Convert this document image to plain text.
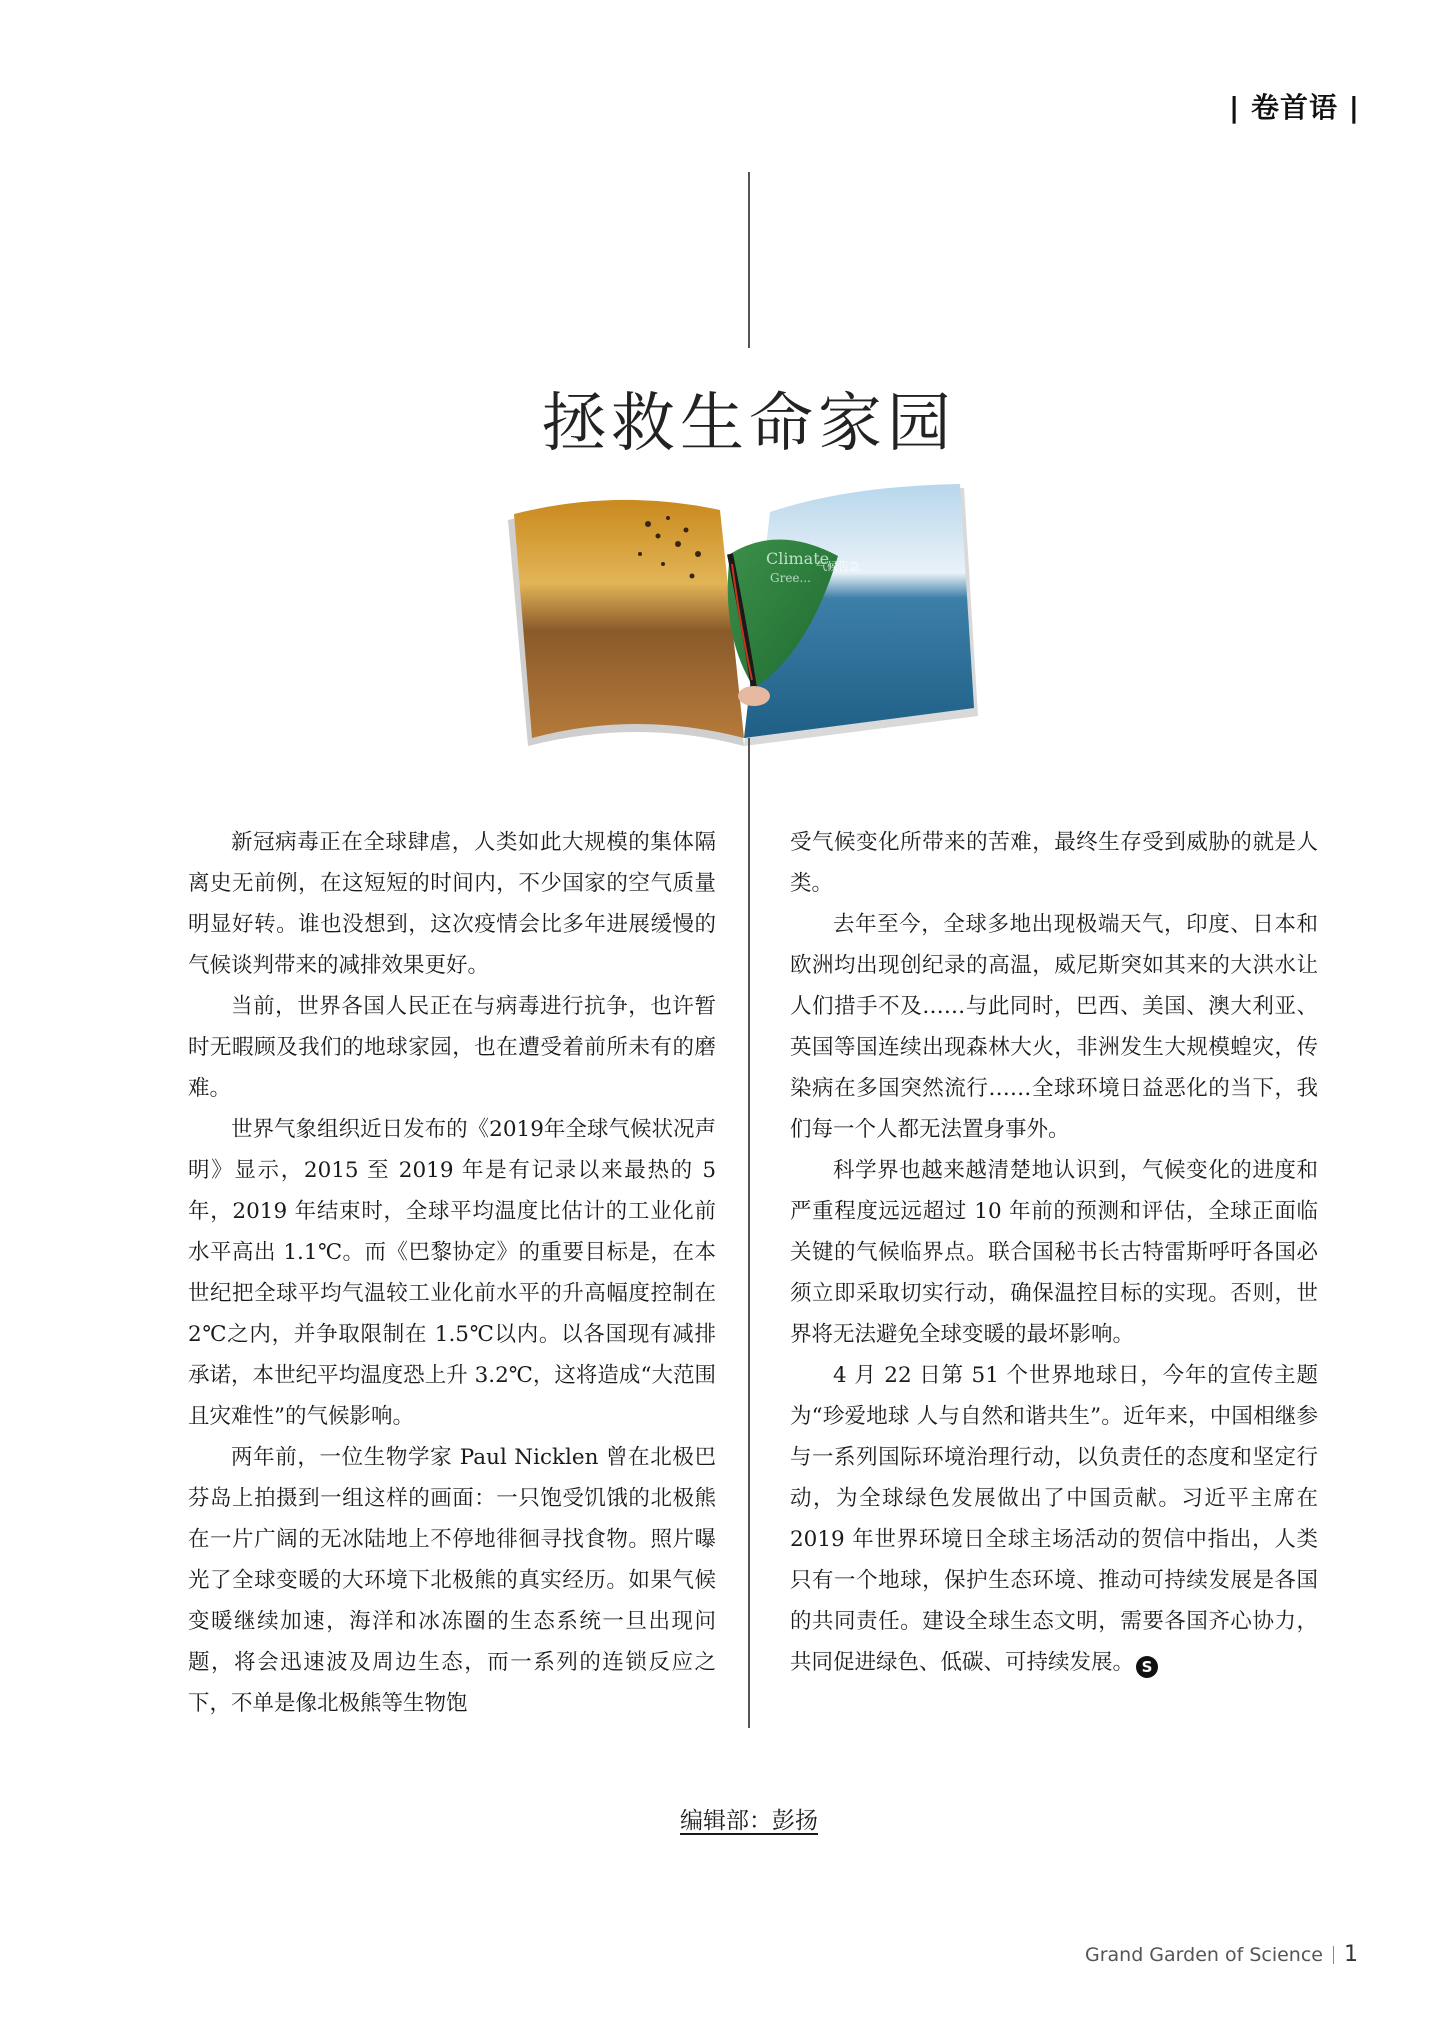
| 卷首语 |
拯救生命家园
Climate
Gree...
气候告急

新冠病毒正在全球肆虐，人类如此大规模的集体隔离史无前例，在这短短的时间内，不少国家的空气质量明显好转。谁也没想到，这次疫情会比多年进展缓慢的气候谈判带来的减排效果更好。

当前，世界各国人民正在与病毒进行抗争，也许暂时无暇顾及我们的地球家园，也在遭受着前所未有的磨难。

世界气象组织近日发布的《2019年全球气候状况声明》显示，2015 至 2019 年是有记录以来最热的 5 年，2019 年结束时，全球平均温度比估计的工业化前水平高出 1.1℃。而《巴黎协定》的重要目标是，在本世纪把全球平均气温较工业化前水平的升高幅度控制在 2℃之内，并争取限制在 1.5℃以内。以各国现有减排承诺，本世纪平均温度恐上升 3.2℃，这将造成“大范围且灾难性”的气候影响。

两年前，一位生物学家 Paul Nicklen 曾在北极巴芬岛上拍摄到一组这样的画面：一只饱受饥饿的北极熊在一片广阔的无冰陆地上不停地徘徊寻找食物。照片曝光了全球变暖的大环境下北极熊的真实经历。如果气候变暖继续加速，海洋和冰冻圈的生态系统一旦出现问题，将会迅速波及周边生态，而一系列的连锁反应之下，不单是像北极熊等生物饱

受气候变化所带来的苦难，最终生存受到威胁的就是人类。

去年至今，全球多地出现极端天气，印度、日本和欧洲均出现创纪录的高温，威尼斯突如其来的大洪水让人们措手不及……与此同时，巴西、美国、澳大利亚、英国等国连续出现森林大火，非洲发生大规模蝗灾，传染病在多国突然流行……全球环境日益恶化的当下，我们每一个人都无法置身事外。

科学界也越来越清楚地认识到，气候变化的进度和严重程度远远超过 10 年前的预测和评估，全球正面临关键的气候临界点。联合国秘书长古特雷斯呼吁各国必须立即采取切实行动，确保温控目标的实现。否则，世界将无法避免全球变暖的最坏影响。

4 月 22 日第 51 个世界地球日，今年的宣传主题为“珍爱地球 人与自然和谐共生”。近年来，中国相继参与一系列国际环境治理行动，以负责任的态度和坚定行动，为全球绿色发展做出了中国贡献。习近平主席在 2019 年世界环境日全球主场活动的贺信中指出，人类只有一个地球，保护生态环境、推动可持续发展是各国的共同责任。建设全球生态文明，需要各国齐心协力，共同促进绿色、低碳、可持续发展。 S

编辑部：彭扬
Grand Garden of Science 1
